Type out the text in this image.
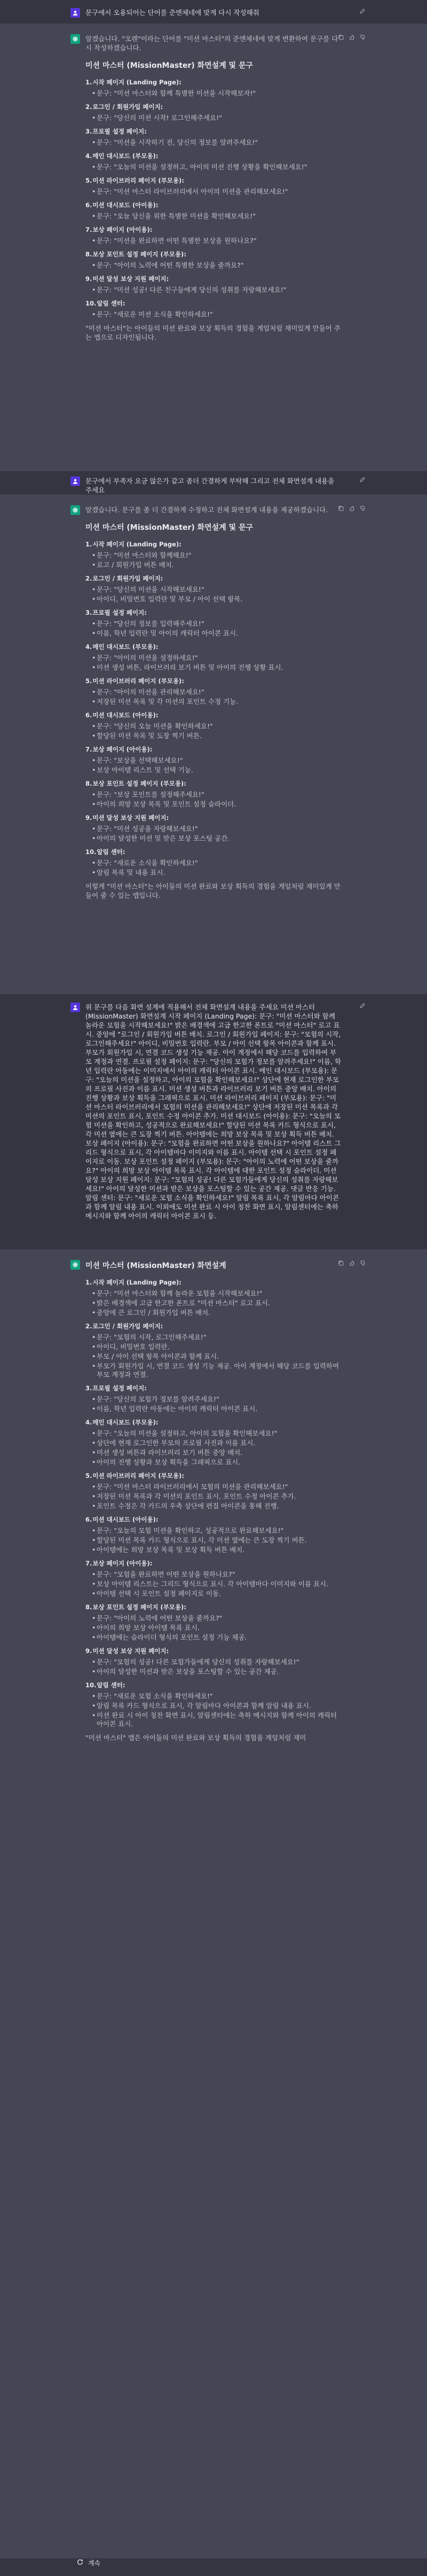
문구에서 오용되어는 단어를 준엔체네에 맞게 다시 작성해줘
알겠습니다. "오렌"이라는 단어를 "미션 마스터"의 준엔체네에 맞게 변환하여 문구를 다시 작성하겠습니다.
미션 마스터 (MissionMaster) 화면설계 및 문구
1.시작 페이지 (Landing Page):
• 문구: "미션 마스터와 함께 특별한 미션을 시작해보자!"
2.로그인 / 회원가입 페이지:
• 문구: "당신의 미션 시작! 로그인해주세요!"
3.프로필 설정 페이지:
• 문구: "미션을 시작하기 전, 당신의 정보를 알려주세요!"
4.메인 대시보드 (부모용):
• 문구: "오늘의 미션을 설정하고, 아이의 미션 진행 상황을 확인해보세요!"
5.미션 라이브러리 페이지 (부모용):
• 문구: "미션 마스터 라이브러리에서 아이의 미션을 관리해보세요!"
6.미션 대시보드 (아이용):
• 문구: "오늘 당신을 위한 특별한 미션을 확인해보세요!"
7.보상 페이지 (아이용):
• 문구: "미션을 완료하면 어떤 특별한 보상을 원하나요?"
8.보상 포인트 설정 페이지 (부모용):
• 문구: "아이의 노력에 어떤 특별한 보상을 줄까요?"
9.미션 달성 보상 지원 페이지:
• 문구: "미션 성공! 다른 친구들에게 당신의 성취를 자랑해보세요!"
10.알림 센터:
• 문구: "새로운 미션 소식을 확인하세요!"
"미션 마스터"는 아이들의 미션 완료와 보상 획득의 경험을 게임처럼 재미있게 만들어 주는 앱으로 디자인됩니다.
문구에서 부족자 요긍 않은가 같고 좀더 간결하게 부탁해 그리고 전체 화면설계 내용을 주세요
알겠습니다. 문구를 좀 더 간결하게 수정하고 전체 화면설계 내용을 제공하겠습니다.
미션 마스터 (MissionMaster) 화면설계 및 문구
1.시작 페이지 (Landing Page):
• 문구: "미션 마스터와 함께해요!"
• 로고 / 회원가입 버튼 배치.
2.로그인 / 회원가입 페이지:
• 문구: "당신의 미션을 시작해보세요!"
• 아이디, 비밀번호 입력란 및 부모 / 아이 선택 항목.
3.프로필 설정 페이지:
• 문구: "당신의 정보를 입력해주세요!"
• 이름, 학년 입력란 및 아이의 캐릭터 아이콘 표시.
4.메인 대시보드 (부모용):
• 문구: "아이의 미션을 설정하세요!"
• 미션 생성 버튼, 라이브러리 보기 버튼 및 아이의 진행 상황 표시.
5.미션 라이브러리 페이지 (부모용):
• 문구: "아이의 미션을 관리해보세요!"
• 저장된 미션 목록 및 각 미션의 포인트 수정 기능.
6.미션 대시보드 (아이용):
• 문구: "당신의 오늘 미션을 확인하세요!"
• 할당된 미션 목록 및 도장 찍기 버튼.
7.보상 페이지 (아이용):
• 문구: "보상을 선택해보세요!"
• 보상 아이템 리스트 및 선택 기능.
8.보상 포인트 설정 페이지 (부모용):
• 문구: "보상 포인트를 설정해주세요!"
• 아이의 희망 보상 목록 및 포인트 설정 슬라이더.
9.미션 달성 보상 지원 페이지:
• 문구: "미션 성공을 자랑해보세요!"
• 아이의 달성한 미션 및 받은 보상 포스팅 공간.
10.알림 센터:
• 문구: "새로운 소식을 확인하세요!"
• 알림 목록 및 내용 표시.
이렇게 "미션 마스터"는 아이들의 미션 완료와 보상 획득의 경험을 게임처럼 재미있게 만들어 줄 수 있는 앱입니다.
위 문구를 다음 화면 설계에 적용해서 전체 화면설계 내용을 주세요 미션 마스터 (MissionMaster) 화면설계 시작 페이지 (Landing Page): 문구: "미션 마스터와 함께 놀라운 모험을 시작해보세요!" 밝은 배경색에 고급 한고한 폰트로 "미션 마스터" 로고 표시. 중앙에 "로그인 / 회원가입 버튼 배치. 로그인 / 회원가입 페이지: 문구: "모험의 시작, 로그인해주세요!" 아이디, 비밀번호 입력란. 부모 / 아이 선택 항목 아이콘과 함께 표시. 부모가 회원가입 시, 연결 코드 생성 기능 제공. 아이 계정에서 해당 코드를 입력하여 부모 계정과 연결. 프로필 설정 페이지: 문구: "당신의 모험가 정보를 알려주세요!" 이름, 학년 입력란 아동에는 이미지에서 아이의 캐릭터 아이콘 표시. 메인 대시보드 (부모용): 문구: "오늘의 미션을 설정하고, 아이의 모험을 확인해보세요!" 상단에 현재 로그인한 부모의 프로필 사진과 이름 표시. 미션 생성 버튼과 라이브러리 보기 버튼 중앙 배치. 아이의 진행 상황과 보상 획득을 그래픽으로 표시. 미션 라이브러리 페이지 (부모용): 문구: "미션 마스터 라이브러리에서 모험의 미션을 관리해보세요!" 상단에 저장된 미션 목록과 각 미션의 포인트 표시, 포인트 수정 아이콘 추가. 미션 대시보드 (아이용): 문구: "오늘의 모험 미션을 확인하고, 성공적으로 완료해보세요!" 할당된 미션 목록 카드 형식으로 표시, 각 미션 옆에는 큰 도장 찍기 버튼. 아이템에는 희망 보상 목록 및 보상 획득 버튼 배치. 보상 페이지 (아이용): 문구: "모험을 완료하면 어떤 보상을 원하나요?" 아이템 리스트 그리드 형식으로 표시, 각 아이템마다 이미지와 이름 표시. 아이템 선택 시 포인트 설정 페이지로 이동. 보상 포인트 설정 페이지 (부모용): 문구: "아이의 노력에 어떤 보상을 줄까요?" 아이의 희망 보상 아이템 목록 표시. 각 아이템에 대한 포인트 설정 슬라이더. 미션 달성 보상 지원 페이지: 문구: "모험의 성공! 다른 모험가들에게 당신의 성취를 자랑해보세요!" 아이의 달성한 미션과 받은 보상을 포스팅할 수 있는 공간 제공. 댓글 반응 기능. 알림 센터: 문구: "새로운 모험 소식을 확인하세요!" 알림 목록 표시, 각 알림마다 아이콘과 함께 알림 내용 표시. 이외에도 미션 완료 시 아이 칭찬 화면 표시, 알림센터에는 축하 메시지와 함께 아이의 캐릭터 아이콘 표시 등.
미션 마스터 (MissionMaster) 화면설계
1.시작 페이지 (Landing Page):
• 문구: "미션 마스터와 함께 놀라운 모험을 시작해보세요!"
• 밝은 배경색에 고급 한고한 폰트로 "미션 마스터" 로고 표시.
• 중앙에 큰 로그인 / 회원가입 버튼 배치.
2.로그인 / 회원가입 페이지:
• 문구: "모험의 시작, 로그인해주세요!"
• 아이디, 비밀번호 입력란.
• 부모 / 아이 선택 항목 아이콘과 함께 표시.
• 부모가 회원가입 시, 연결 코드 생성 기능 제공. 아이 계정에서 해당 코드를 입력하여 부모 계정과 연결.
3.프로필 설정 페이지:
• 문구: "당신의 모험가 정보를 알려주세요!"
• 이름, 학년 입력란 아동에는 아이의 캐릭터 아이콘 표시.
4.메인 대시보드 (부모용):
• 문구: "오늘의 미션을 설정하고, 아이의 모험을 확인해보세요!"
• 상단에 현재 로그인한 부모의 프로필 사진과 이름 표시.
• 미션 생성 버튼과 라이브러리 보기 버튼 중앙 배치.
• 아이의 진행 상황과 보상 획득을 그래픽으로 표시.
5.미션 라이브러리 페이지 (부모용):
• 문구: "미션 마스터 라이브러리에서 모험의 미션을 관리해보세요!"
• 저장된 미션 목록과 각 미션의 포인트 표시, 포인트 수정 아이콘 추가.
• 포인트 수정은 각 카드의 우측 상단에 편집 아이콘을 통해 진행.
6.미션 대시보드 (아이용):
• 문구: "오늘의 모험 미션을 확인하고, 성공적으로 완료해보세요!"
• 할당된 미션 목록 카드 형식으로 표시, 각 미션 옆에는 큰 도장 찍기 버튼.
• 아이템에는 희망 보상 목록 및 보상 획득 버튼 배치.
7.보상 페이지 (아이용):
• 문구: "모험을 완료하면 어떤 보상을 원하나요?"
• 보상 아이템 리스트는 그리드 형식으로 표시. 각 아이템마다 이미지와 이름 표시.
• 아이템 선택 시 포인트 설정 페이지로 이동.
8.보상 포인트 설정 페이지 (부모용):
• 문구: "아이의 노력에 어떤 보상을 줄까요?"
• 아이의 희망 보상 아이템 목록 표시.
• 아이템에는 슬라이더 형식의 포인트 설정 기능 제공.
9.미션 달성 보상 지원 페이지:
• 문구: "모험의 성공! 다른 모험가들에게 당신의 성취를 자랑해보세요!"
• 아이의 달성한 미션과 받은 보상을 포스팅할 수 있는 공간 제공.
10.알림 센터:
• 문구: "새로운 모험 소식을 확인하세요!"
• 알림 목록 카드 형식으로 표시, 각 알림마다 아이콘과 함께 알림 내용 표시.
• 미션 완료 시 아이 칭찬 화면 표시, 알림센터에는 축하 메시지와 함께 아이의 캐릭터 아이콘 표시.
"미션 마스터" 앱은 아이들의 미션 완료와 보상 획득의 경험을 게임처럼 재미
계속
